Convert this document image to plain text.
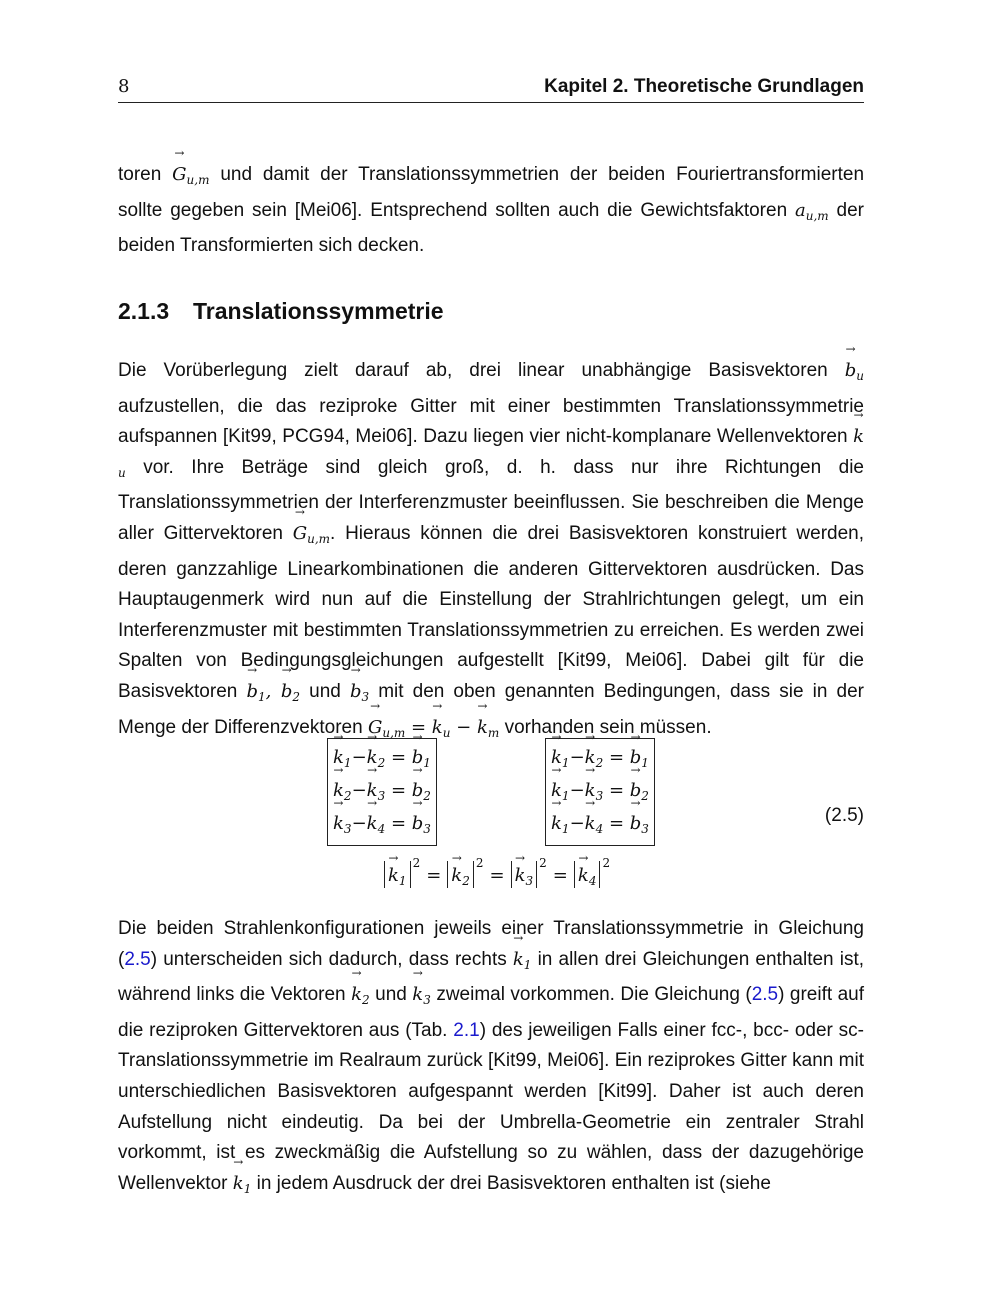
8	Kapitel 2. Theoretische Grundlagen

toren → $G_{u,m}$ und damit der Translationssymmetrien der beiden Fouriertransformierten sollte gegeben sein [Mei06]. Entsprechend sollten auch die Gewichtsfaktoren $a_{u,m}$ der beiden Transformierten sich decken.

2.1.3 Translationssymmetrie

Die Vorüberlegung zielt darauf ab, drei linear unabhängige Basisvektoren → $b_u$ aufzustellen, die das reziproke Gitter mit einer bestimmten Translationssymmetrie aufspannen [Kit99, PCG94, Mei06]. Dazu liegen vier nicht-komplanare Wellenvektoren → $k_u$ vor. Ihre Beträge sind gleich groß, d. h. dass nur ihre Richtungen die Translationssymmetrien der Interferenzmuster beeinflussen. Sie beschreiben die Menge aller Gittervektoren → $G_{u,m}$. Hieraus können die drei Basisvektoren konstruiert werden, deren ganzzahlige Linearkombinationen die anderen Gittervektoren ausdrücken. Das Hauptaugenmerk wird nun auf die Einstellung der Strahlrichtungen gelegt, um ein Interferenzmuster mit bestimmten Translationssymmetrien zu erreichen. Es werden zwei Spalten von Bedingungsgleichungen aufgestellt [Kit99, Mei06]. Dabei gilt für die Basisvektoren → $b_1$, → $b_2$ und → $b_3$ mit den oben genannten Bedingungen, dass sie in der Menge der Differenzvektoren → $G_{u,m}$ = → $k_u$ − → $k_m$ vorhanden sein müssen.

→ $k_1-\to k_2$ = → $b_1$
→ $k_2-\to k_3$ = → $b_2$
→ $k_3-\to k_4$ = → $b_3$
→ $k_1-\to k_2$ = → $b_1$
→ $k_1-\to k_3$ = → $b_2$
→ $k_1-\to k_4$ = → $b_3$
(2.5)
→ $k_1^2= \to k_2^2= \to k_3^2= \to k_4^2$

Die beiden Strahlenkonfigurationen jeweils einer Translationssymmetrie in Gleichung (2.5) unterscheiden sich dadurch, dass rechts → $k_1$ in allen drei Gleichungen enthalten ist, während links die Vektoren → $k_2$ und → $k_3$ zweimal vorkommen. Die Gleichung (2.5) greift auf die reziproken Gittervektoren aus (Tab. 2.1) des jeweiligen Falls einer fcc-, bcc- oder sc- Translationssymmetrie im Realraum zurück [Kit99, Mei06]. Ein reziprokes Gitter kann mit unterschiedlichen Basisvektoren aufgespannt werden [Kit99]. Daher ist auch deren Aufstellung nicht eindeutig. Da bei der Umbrella-Geometrie ein zentraler Strahl vorkommt, ist es zweckmäßig die Aufstellung so zu wählen, dass der dazugehörige Wellenvektor → $k_1$ in jedem Ausdruck der drei Basisvektoren enthalten ist (siehe
